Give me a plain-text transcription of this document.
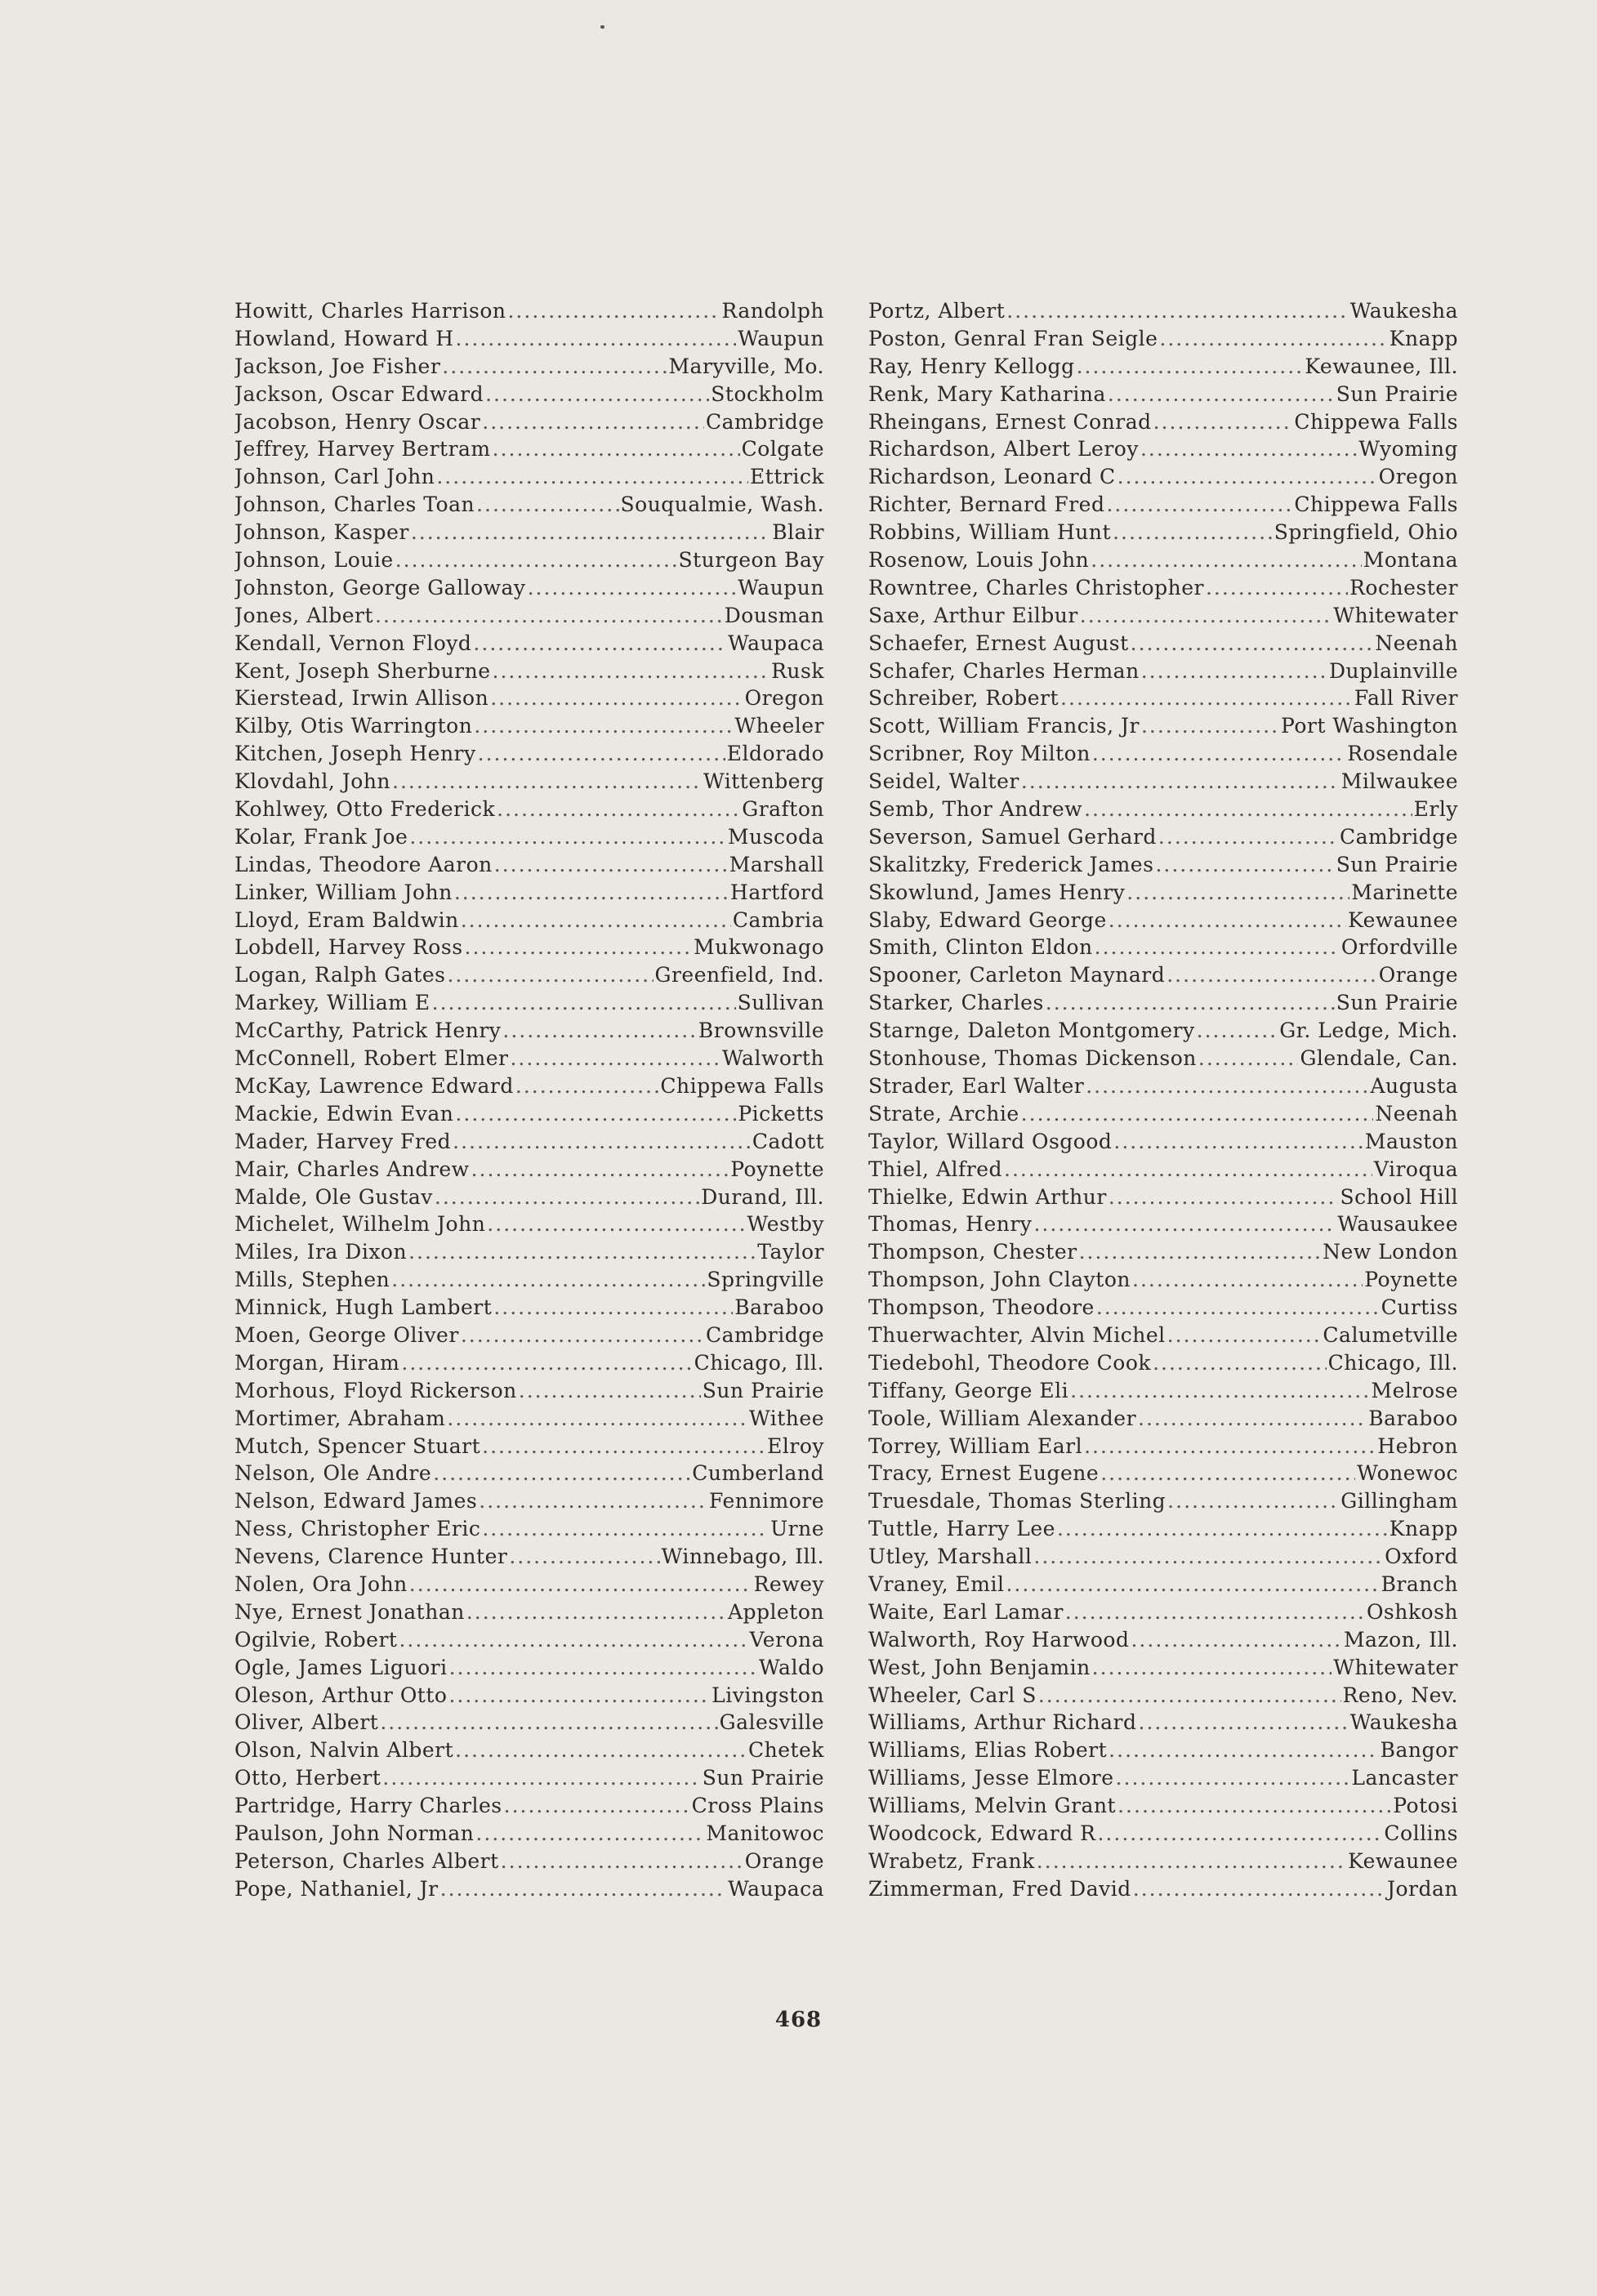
Howitt, Charles Harrison .....	Randolph
Howland, Howard H .....	Waupun
Jackson, Joe Fisher .....	Maryville, Mo.
Jackson, Oscar Edward .....	Stockholm
Jacobson, Henry Oscar .....	Cambridge
Jeffrey, Harvey Bertram .....	Colgate
Johnson, Carl John .....	Ettrick
Johnson, Charles Toan .....	Souqualmie, Wash.
Johnson, Kasper .....	Blair
Johnson, Louie .....	Sturgeon Bay
Johnston, George Galloway .....	Waupun
Jones, Albert .....	Dousman
Kendall, Vernon Floyd .....	Waupaca
Kent, Joseph Sherburne .....	Rusk
Kierstead, Irwin Allison .....	Oregon
Kilby, Otis Warrington .....	Wheeler
Kitchen, Joseph Henry .....	Eldorado
Klovdahl, John .....	Wittenberg
Kohlwey, Otto Frederick .....	Grafton
Kolar, Frank Joe .....	Muscoda
Lindas, Theodore Aaron .....	Marshall
Linker, William John .....	Hartford
Lloyd, Eram Baldwin .....	Cambria
Lobdell, Harvey Ross .....	Mukwonago
Logan, Ralph Gates .....	Greenfield, Ind.
Markey, William E .....	Sullivan
McCarthy, Patrick Henry .....	Brownsville
McConnell, Robert Elmer .....	Walworth
McKay, Lawrence Edward .....	Chippewa Falls
Mackie, Edwin Evan .....	Picketts
Mader, Harvey Fred .....	Cadott
Mair, Charles Andrew .....	Poynette
Malde, Ole Gustav .....	Durand, Ill.
Michelet, Wilhelm John .....	Westby
Miles, Ira Dixon .....	Taylor
Mills, Stephen .....	Springville
Minnick, Hugh Lambert .....	Baraboo
Moen, George Oliver .....	Cambridge
Morgan, Hiram .....	Chicago, Ill.
Morhous, Floyd Rickerson .....	Sun Prairie
Mortimer, Abraham .....	Withee
Mutch, Spencer Stuart .....	Elroy
Nelson, Ole Andre .....	Cumberland
Nelson, Edward James .....	Fennimore
Ness, Christopher Eric .....	Urne
Nevens, Clarence Hunter .....	Winnebago, Ill.
Nolen, Ora John .....	Rewey
Nye, Ernest Jonathan .....	Appleton
Ogilvie, Robert .....	Verona
Ogle, James Liguori .....	Waldo
Oleson, Arthur Otto .....	Livingston
Oliver, Albert .....	Galesville
Olson, Nalvin Albert .....	Chetek
Otto, Herbert .....	Sun Prairie
Partridge, Harry Charles .....	Cross Plains
Paulson, John Norman .....	Manitowoc
Peterson, Charles Albert .....	Orange
Pope, Nathaniel, Jr .....	Waupaca
Portz, Albert .....	Waukesha
Poston, Genral Fran Seigle .....	Knapp
Ray, Henry Kellogg .....	Kewaunee, Ill.
Renk, Mary Katharina .....	Sun Prairie
Rheingans, Ernest Conrad .....	Chippewa Falls
Richardson, Albert Leroy .....	Wyoming
Richardson, Leonard C .....	Oregon
Richter, Bernard Fred .....	Chippewa Falls
Robbins, William Hunt .....	Springfield, Ohio
Rosenow, Louis John .....	Montana
Rowntree, Charles Christopher .....	Rochester
Saxe, Arthur Eilbur .....	Whitewater
Schaefer, Ernest August .....	Neenah
Schafer, Charles Herman .....	Duplainville
Schreiber, Robert .....	Fall River
Scott, William Francis, Jr .....	Port Washington
Scribner, Roy Milton .....	Rosendale
Seidel, Walter .....	Milwaukee
Semb, Thor Andrew .....	Erly
Severson, Samuel Gerhard .....	Cambridge
Skalitzky, Frederick James .....	Sun Prairie
Skowlund, James Henry .....	Marinette
Slaby, Edward George .....	Kewaunee
Smith, Clinton Eldon .....	Orfordville
Spooner, Carleton Maynard .....	Orange
Starker, Charles .....	Sun Prairie
Starnge, Daleton Montgomery .....	Gr. Ledge, Mich.
Stonhouse, Thomas Dickenson .....	Glendale, Can.
Strader, Earl Walter .....	Augusta
Strate, Archie .....	Neenah
Taylor, Willard Osgood .....	Mauston
Thiel, Alfred .....	Viroqua
Thielke, Edwin Arthur .....	School Hill
Thomas, Henry .....	Wausaukee
Thompson, Chester .....	New London
Thompson, John Clayton .....	Poynette
Thompson, Theodore .....	Curtiss
Thuerwachter, Alvin Michel .....	Calumetville
Tiedebohl, Theodore Cook .....	Chicago, Ill.
Tiffany, George Eli .....	Melrose
Toole, William Alexander .....	Baraboo
Torrey, William Earl .....	Hebron
Tracy, Ernest Eugene .....	Wonewoc
Truesdale, Thomas Sterling .....	Gillingham
Tuttle, Harry Lee .....	Knapp
Utley, Marshall .....	Oxford
Vraney, Emil .....	Branch
Waite, Earl Lamar .....	Oshkosh
Walworth, Roy Harwood .....	Mazon, Ill.
West, John Benjamin .....	Whitewater
Wheeler, Carl S .....	Reno, Nev.
Williams, Arthur Richard .....	Waukesha
Williams, Elias Robert .....	Bangor
Williams, Jesse Elmore .....	Lancaster
Williams, Melvin Grant .....	Potosi
Woodcock, Edward R .....	Collins
Wrabetz, Frank .....	Kewaunee
Zimmerman, Fred David .....	Jordan
468
